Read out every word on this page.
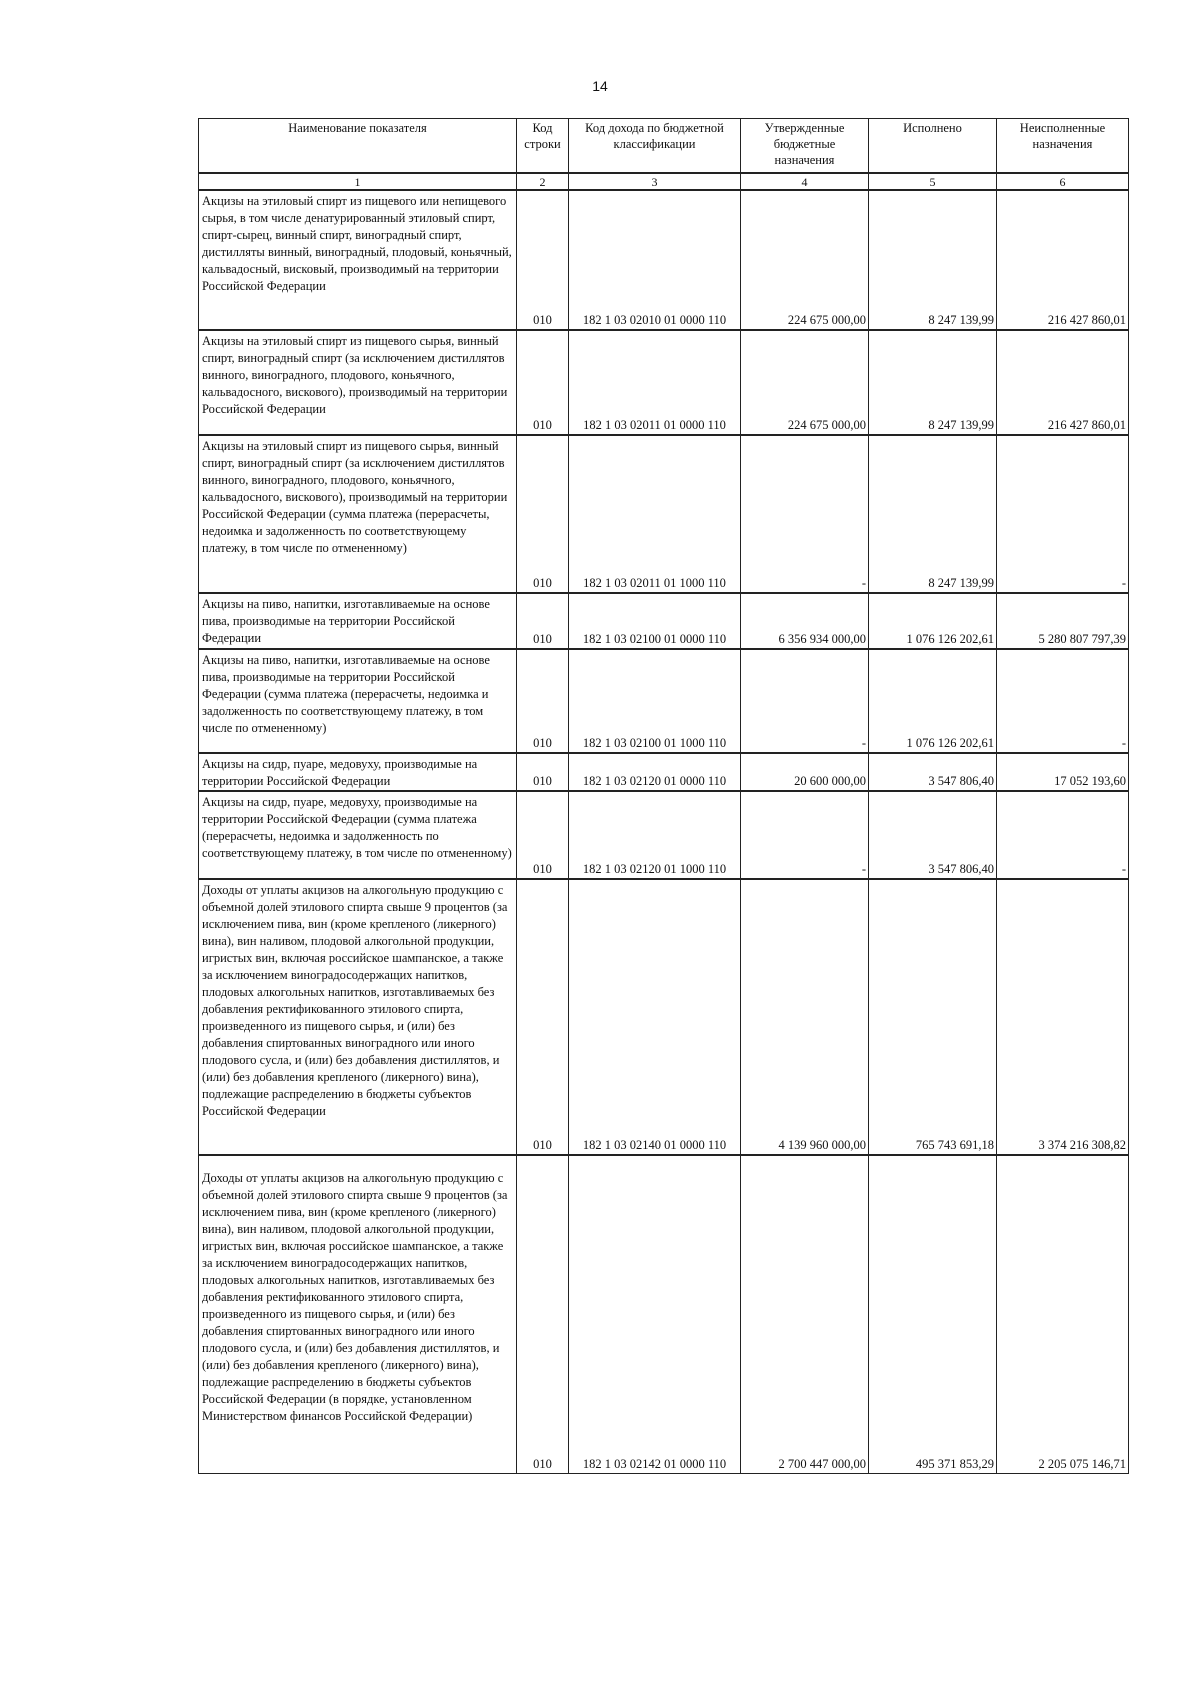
14
Наименование показателя	Код строки	Код дохода по бюджетной классификации	Утвержденные бюджетные назначения	Исполнено	Неисполненные назначения
1	2	3	4	5	6
Акцизы на этиловый спирт из пищевого или непищевого сырья, в том числе денатурированный этиловый спирт, спирт-сырец, винный спирт, виноградный спирт, дистилляты винный, виноградный, плодовый, коньячный, кальвадосный, висковый, производимый на территории Российской Федерации	010	182 1 03 02010 01 0000 110	224 675 000,00	8 247 139,99	216 427 860,01
Акцизы на этиловый спирт из пищевого сырья, винный спирт, виноградный спирт (за исключением дистиллятов винного, виноградного, плодового, коньячного, кальвадосного, вискового), производимый на территории Российской Федерации	010	182 1 03 02011 01 0000 110	224 675 000,00	8 247 139,99	216 427 860,01
Акцизы на этиловый спирт из пищевого сырья, винный спирт, виноградный спирт (за исключением дистиллятов винного, виноградного, плодового, коньячного, кальвадосного, вискового), производимый на территории Российской Федерации (сумма платежа (перерасчеты, недоимка и задолженность по соответствующему платежу, в том числе по отмененному)	010	182 1 03 02011 01 1000 110	-	8 247 139,99	-
Акцизы на пиво, напитки, изготавливаемые на основе пива, производимые на территории Российской Федерации	010	182 1 03 02100 01 0000 110	6 356 934 000,00	1 076 126 202,61	5 280 807 797,39
Акцизы на пиво, напитки, изготавливаемые на основе пива, производимые на территории Российской Федерации (сумма платежа (перерасчеты, недоимка и задолженность по соответствующему платежу, в том числе по отмененному)	010	182 1 03 02100 01 1000 110	-	1 076 126 202,61	-
Акцизы на сидр, пуаре, медовуху, производимые на территории Российской Федерации	010	182 1 03 02120 01 0000 110	20 600 000,00	3 547 806,40	17 052 193,60
Акцизы на сидр, пуаре, медовуху, производимые на территории Российской Федерации (сумма платежа (перерасчеты, недоимка и задолженность по соответствующему платежу, в том числе по отмененному)	010	182 1 03 02120 01 1000 110	-	3 547 806,40	-
Доходы от уплаты акцизов на алкогольную продукцию с объемной долей этилового спирта свыше 9 процентов (за исключением пива, вин (кроме крепленого (ликерного) вина), вин наливом, плодовой алкогольной продукции, игристых вин, включая российское шампанское, а также за исключением виноградосодержащих напитков, плодовых алкогольных напитков, изготавливаемых без добавления ректификованного этилового спирта, произведенного из пищевого сырья, и (или) без добавления спиртованных виноградного или иного плодового сусла, и (или) без добавления дистиллятов, и (или) без добавления крепленого (ликерного) вина), подлежащие распределению в бюджеты субъектов Российской Федерации	010	182 1 03 02140 01 0000 110	4 139 960 000,00	765 743 691,18	3 374 216 308,82
Доходы от уплаты акцизов на алкогольную продукцию с объемной долей этилового спирта свыше 9 процентов (за исключением пива, вин (кроме крепленого (ликерного) вина), вин наливом, плодовой алкогольной продукции, игристых вин, включая российское шампанское, а также за исключением виноградосодержащих напитков, плодовых алкогольных напитков, изготавливаемых без добавления ректификованного этилового спирта, произведенного из пищевого сырья, и (или) без добавления спиртованных виноградного или иного плодового сусла, и (или) без добавления дистиллятов, и (или) без добавления крепленого (ликерного) вина), подлежащие распределению в бюджеты субъектов Российской Федерации (в порядке, установленном Министерством финансов Российской Федерации)	010	182 1 03 02142 01 0000 110	2 700 447 000,00	495 371 853,29	2 205 075 146,71
